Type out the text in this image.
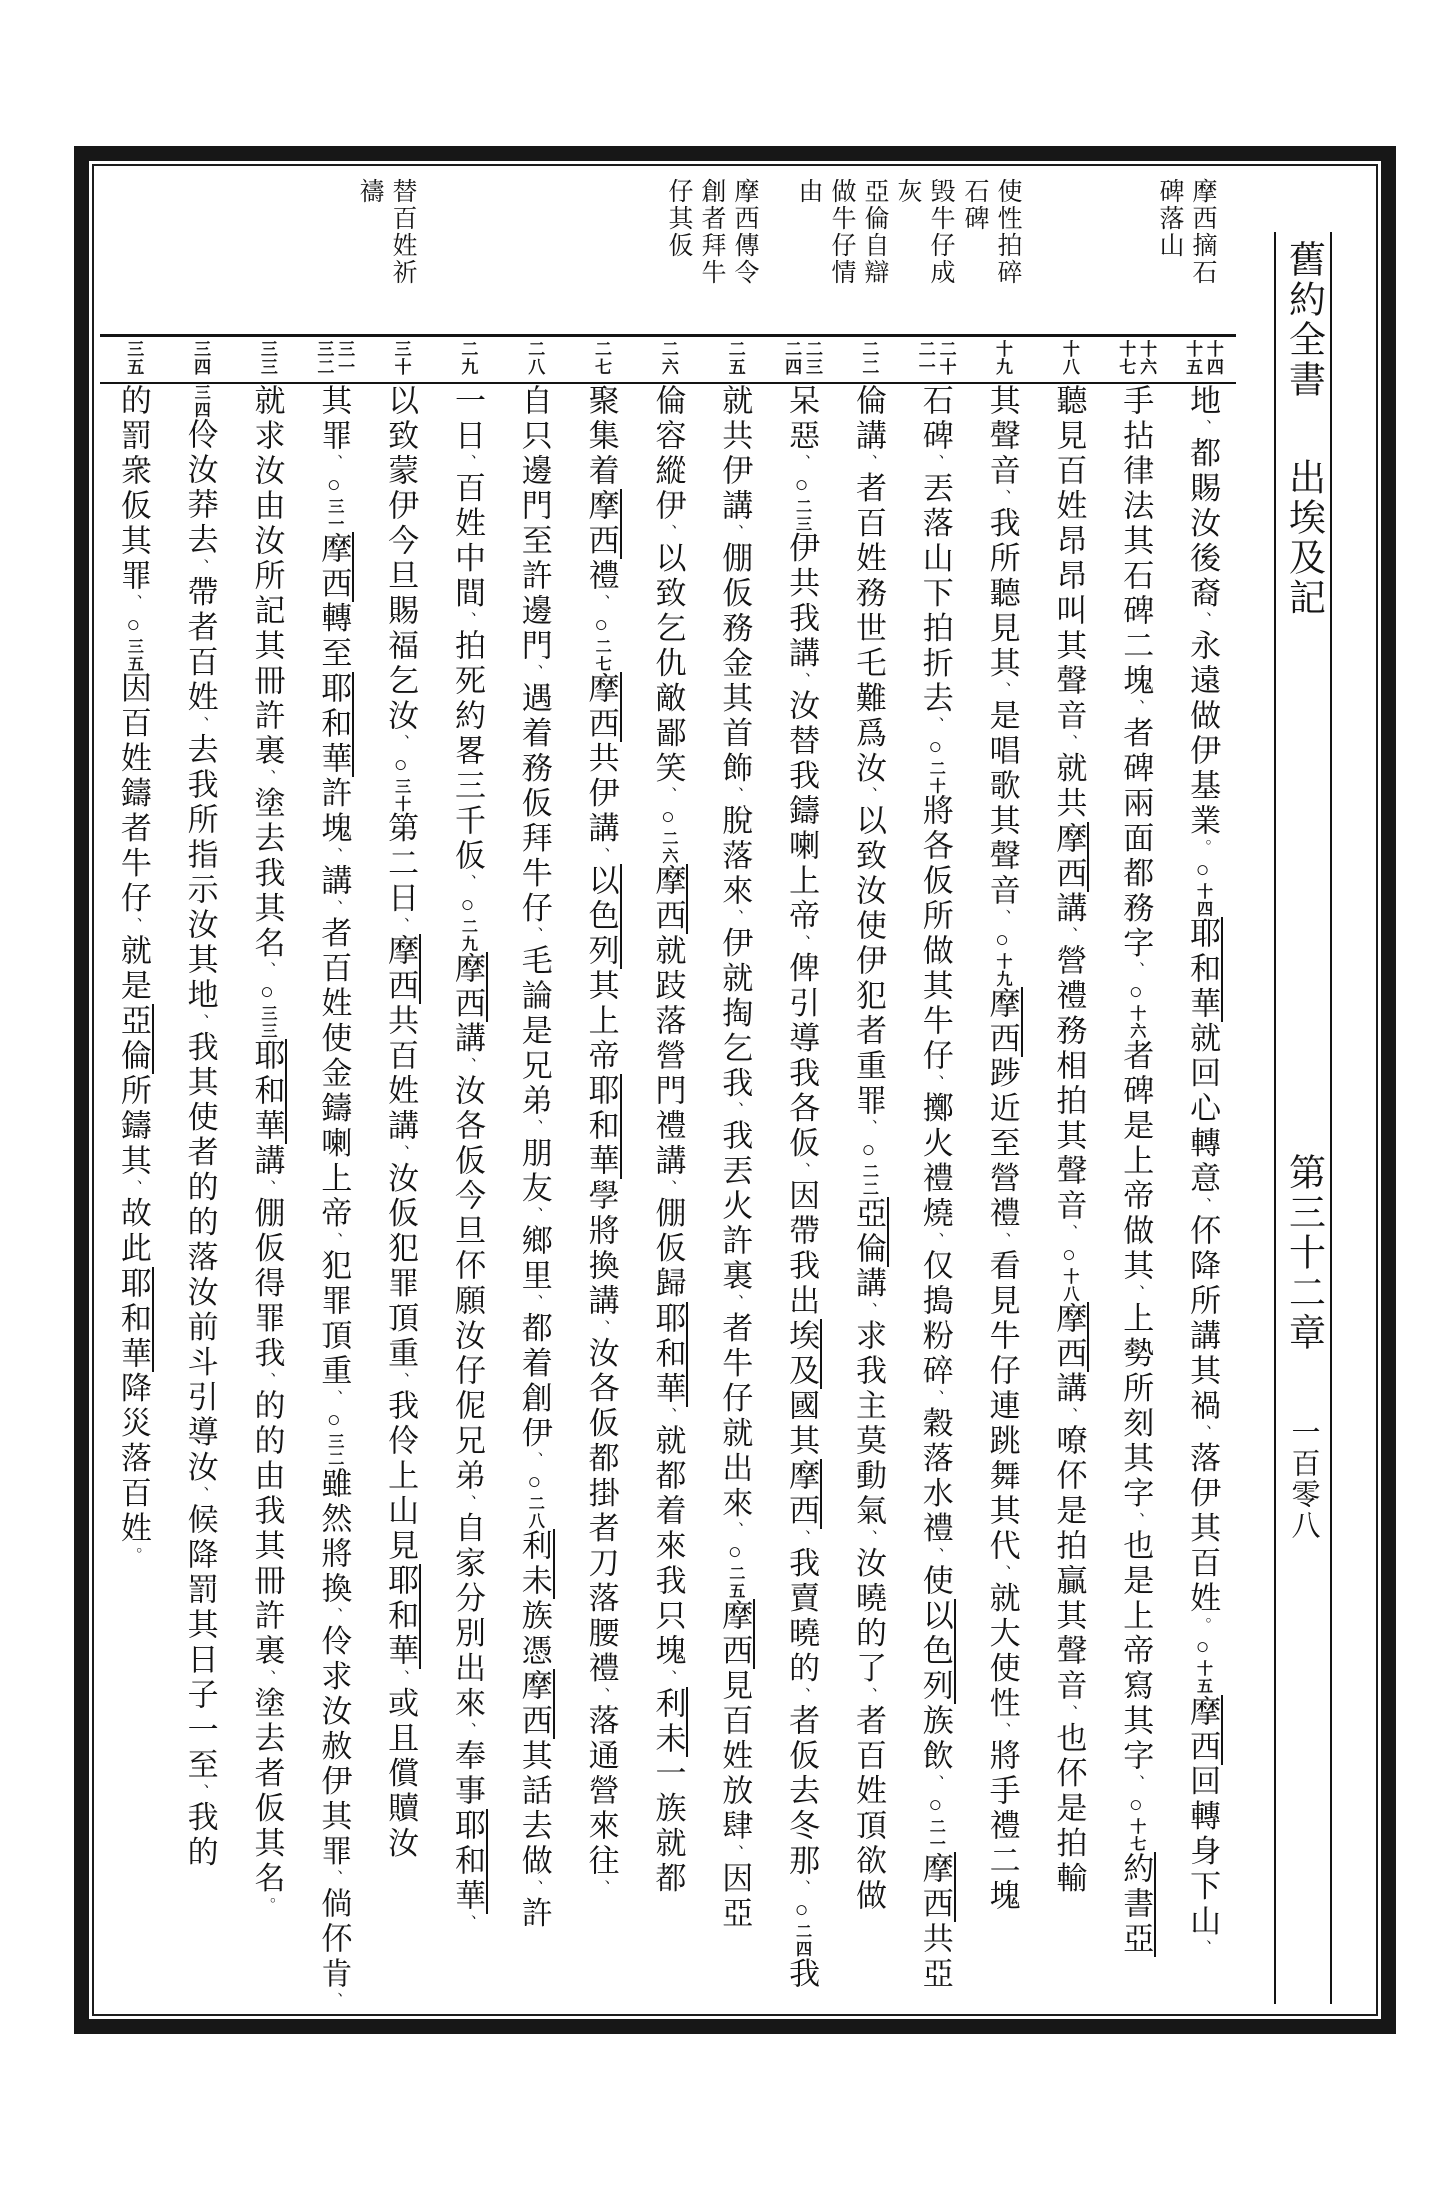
摩西摘石
碑落山
使性拍碎
石碑
毁牛仔成
灰
亞倫自辯
做牛仔情
由
摩西傳令
創者拜牛
仔其仮
替百姓祈
禱
十四
十五
十六
十七
十八
十九
二十
二一
二二
二三
二四
二五
二六
二七
二八
二九
三十
三一
三二
三三
三四
三五
地、都賜汝後裔、永遠做伊基業。○十四耶和華就回心轉意、伓降所講其禍、落伊其百姓。○十五摩西回轉身下山、
手拈律法其石碑二塊、者碑兩面都務字、○十六者碑是上帝做其、上勢所刻其字、也是上帝寫其字、○十七約書亞
聽見百姓昂昂叫其聲音、就共摩西講、營禮務相拍其聲音、○十八摩西講、嘹伓是拍贏其聲音、也伓是拍輸
其聲音、我所聽見其、是唱歌其聲音、○十九摩西踄近至營禮、看見牛仔連跳舞其代、就大使性、將手禮二塊
石碑、丟落山下拍折去、○二十將各仮所做其牛仔、擲火禮燒、仅搗粉碎、穀落水禮、使以色列族飲、○二一摩西共亞
倫講、者百姓務世乇難爲汝、以致汝使伊犯者重罪、○二二亞倫講、求我主莫動氣、汝曉的了、者百姓頂欲做
呆惡、○二三伊共我講、汝替我鑄喇上帝、俾引導我各仮、因帶我出埃及國其摩西、我賣曉的、者仮去冬那、○二四我
就共伊講、倗仮務金其首飾、脫落來、伊就掏乞我、我丟火許裏、者牛仔就出來、○二五摩西見百姓放肆、因亞
倫容縱伊、以致乞仇敵鄙笑、○二六摩西就跂落營門禮講、倗仮歸耶和華、就都着來我只塊、利未一族就都
聚集着摩西禮、○二七摩西共伊講、以色列其上帝耶和華學將換講、汝各仮都掛者刀落腰禮、落通營來往、
自只邊門至許邊門、遇着務仮拜牛仔、毛論是兄弟、朋友、鄉里、都着創伊、○二八利未族憑摩西其話去做、許
一日、百姓中間、拍死約畧三千仮、○二九摩西講、汝各仮今旦伓願汝仔伲兄弟、自家分別出來、奉事耶和華、
以致蒙伊今旦賜福乞汝、○三十第二日、摩西共百姓講、汝仮犯罪頂重、我伶上山見耶和華、或且償贖汝
其罪、○三一摩西轉至耶和華許塊、講、者百姓使金鑄喇上帝、犯罪頂重、○三二雖然將換、伶求汝赦伊其罪、倘伓肯、
就求汝由汝所記其冊許裏、塗去我其名、○三三耶和華講、倗仮得罪我、的的由我其冊許裏、塗去者仮其名。
三四伶汝莽去、帶者百姓、去我所指示汝其地、我其使者的的落汝前斗引導汝、候降罰其日子一至、我的
的罰衆仮其罪、○三五因百姓鑄者牛仔、就是亞倫所鑄其、故此耶和華降災落百姓。
舊約全書
出埃及記
第三十二章
一百零八
